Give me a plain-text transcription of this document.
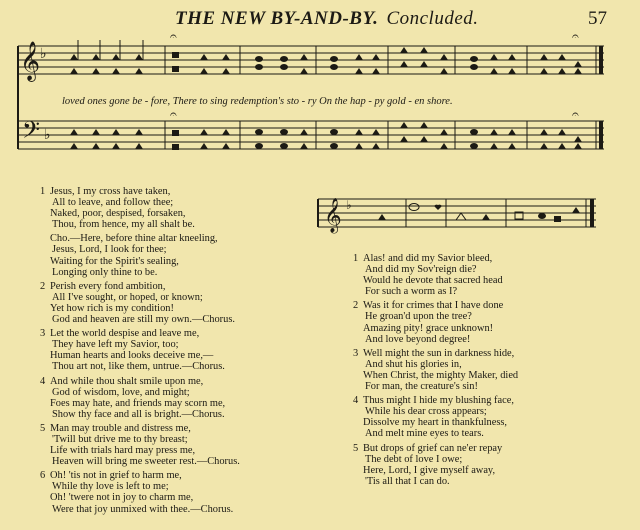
THE NEW BY-AND-BY. Concluded.	57
𝄞
𝄢
♭
♭
𝄐	𝄐
𝄐	𝄐
loved ones gone be - fore, There to sing redemption's sto - ry On the hap - py gold - en shore.
𝄞 ♭
1 Jesus, I my cross have taken,
All to leave, and follow thee;
Naked, poor, despised, forsaken,
Thou, from hence, my all shalt be.
Cho.—Here, before thine altar kneeling,
Jesus, Lord, I look for thee;
Waiting for the Spirit's sealing,
Longing only thine to be.
2 Perish every fond ambition,
All I've sought, or hoped, or known;
Yet how rich is my condition!
God and heaven are still my own.—Chorus.
3 Let the world despise and leave me,
They have left my Savior, too;
Human hearts and looks deceive me,—
Thou art not, like them, untrue.—Chorus.
4 And while thou shalt smile upon me,
God of wisdom, love, and might;
Foes may hate, and friends may scorn me,
Show thy face and all is bright.—Chorus.
5 Man may trouble and distress me,
'Twill but drive me to thy breast;
Life with trials hard may press me,
Heaven will bring me sweeter rest.—Chorus.
6 Oh! 'tis not in grief to harm me,
While thy love is left to me;
Oh! 'twere not in joy to charm me,
Were that joy unmixed with thee.—Chorus.
1 Alas! and did my Savior bleed,
And did my Sov'reign die?
Would he devote that sacred head
For such a worm as I?
2 Was it for crimes that I have done
He groan'd upon the tree?
Amazing pity! grace unknown!
And love beyond degree!
3 Well might the sun in darkness hide,
And shut his glories in,
When Christ, the mighty Maker, died
For man, the creature's sin!
4 Thus might I hide my blushing face,
While his dear cross appears;
Dissolve my heart in thankfulness,
And melt mine eyes to tears.
5 But drops of grief can ne'er repay
The debt of love I owe;
Here, Lord, I give myself away,
'Tis all that I can do.
